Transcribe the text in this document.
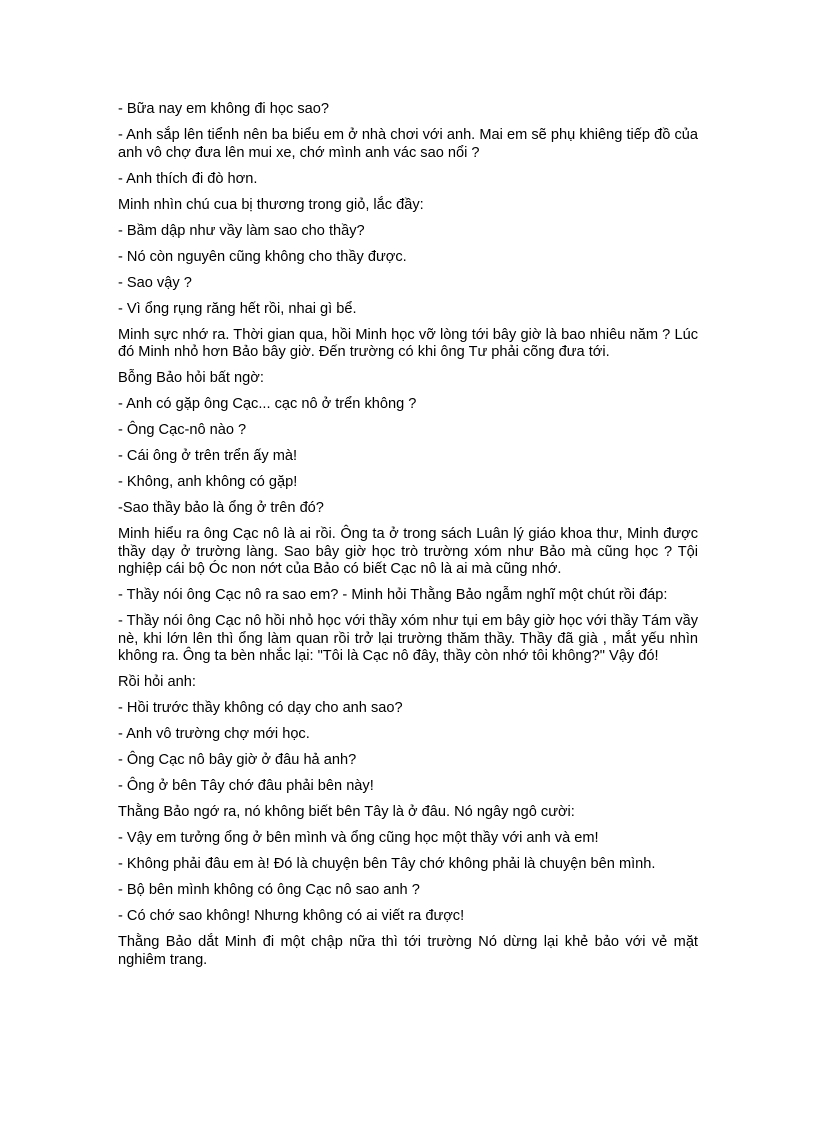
- Bữa nay em không đi học sao?

- Anh sắp lên tiểnh nên ba biểu em ở nhà chơi với anh. Mai em sẽ phụ khiêng tiếp đồ của anh vô chợ đưa lên mui xe, chớ mình anh vác sao nổi ?

- Anh thích đi đò hơn.

Minh nhìn chú cua bị thương trong giỏ, lắc đầy:

- Bầm dập như vầy làm sao cho thầy?

- Nó còn nguyên cũng không cho thầy được.

- Sao vậy ?

- Vì ổng rụng răng hết rồi, nhai gì bể.

Minh sực nhớ ra. Thời gian qua, hồi Minh học vỡ lòng tới bây giờ là bao nhiêu năm ? Lúc đó Minh nhỏ hơn Bảo bây giờ. Đến trường có khi ông Tư phải cõng đưa tới.

Bỗng Bảo hỏi bất ngờ:

- Anh có gặp ông Cạc... cạc nô ở trển không ?

- Ông Cạc-nô nào ?

- Cái ông ở trên trển ấy mà!

- Không, anh không có gặp!

-Sao thầy bảo là ổng ở trên đó?

Minh hiểu ra ông Cạc nô là ai rồi. Ông ta ở trong sách Luân lý giáo khoa thư, Minh được thầy dạy ở trường làng. Sao bây giờ học trò trường xóm như Bảo mà cũng học ? Tội nghiệp cái bộ Óc non nớt của Bảo có biết Cạc nô là ai mà cũng nhớ.

- Thầy nói ông Cạc nô ra sao em? - Minh hỏi Thằng Bảo ngẫm nghĩ một chút rồi đáp:

- Thầy nói ông Cạc nô hồi nhỏ học với thầy xóm như tụi em bây giờ học với thầy Tám vầy nè, khi lớn lên thì ổng làm quan rồi trở lại trường thăm thầy. Thầy đã già , mắt yếu nhìn không ra. Ông ta bèn nhắc lại: "Tôi là Cạc nô đây, thầy còn nhớ tôi không?" Vậy đó!

Rồi hỏi anh:

- Hồi trước thầy không có dạy cho anh sao?

- Anh vô trường chợ mới học.

- Ông Cạc nô bây giờ ở đâu hả anh?

- Ông ở bên Tây chớ đâu phải bên này!

Thằng Bảo ngớ ra, nó không biết bên Tây là ở đâu. Nó ngây ngô cười:

- Vậy em tưởng ổng ở bên mình và ổng cũng học một thầy với anh và em!

- Không phải đâu em à! Đó là chuyện bên Tây chớ không phải là chuyện bên mình.

- Bộ bên mình không có ông Cạc nô sao anh ?

- Có chớ sao không! Nhưng không có ai viết ra được!

Thằng Bảo dắt Minh đi một chập nữa thì tới trường Nó dừng lại khẻ bảo với vẻ mặt nghiêm trang.
